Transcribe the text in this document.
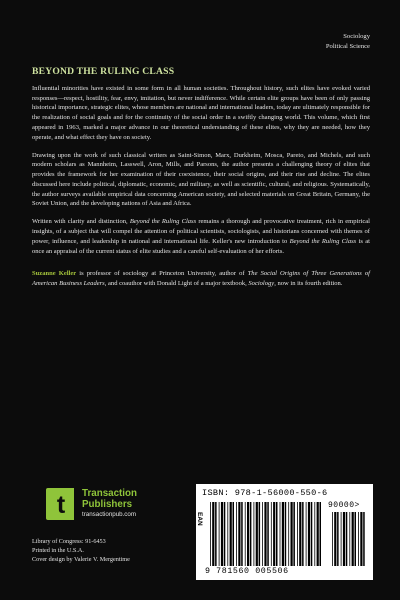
Sociology
Political Science
BEYOND THE RULING CLASS

Influential minorities have existed in some form in all human societies. Throughout history, such elites have evoked varied responses—respect, hostility, fear, envy, imitation, but never indifference. While certain elite groups have been of only passing historical importance, strategic elites, whose members are national and international leaders, today are ultimately responsible for the realization of social goals and for the continuity of the social order in a swiftly changing world. This volume, which first appeared in 1963, marked a major advance in our theoretical understanding of these elites, why they are needed, how they operate, and what effect they have on society.

Drawing upon the work of such classical writers as Saint-Simon, Marx, Durkheim, Mosca, Pareto, and Michels, and such modern scholars as Mannheim, Lasswell, Aron, Mills, and Parsons, the author presents a challenging theory of elites that provides the framework for her examination of their coexistence, their social origins, and their rise and decline. The elites discussed here include political, diplomatic, economic, and military, as well as scientific, cultural, and religious. Systematically, the author surveys available empirical data concerning American society, and selected materials on Great Britain, Germany, the Soviet Union, and the developing nations of Asia and Africa.

Written with clarity and distinction, Beyond the Ruling Class remains a thorough and provocative treatment, rich in empirical insights, of a subject that will compel the attention of political scientists, sociologists, and historians concerned with themes of power, influence, and leadership in national and international life. Keller's new introduction to Beyond the Ruling Class is at once an appraisal of the current status of elite studies and a careful self-evaluation of her efforts.

Suzanne Keller is professor of sociology at Princeton University, author of The Social Origins of Three Generations of American Business Leaders, and coauthor with Donald Light of a major textbook, Sociology, now in its fourth edition.

t Transaction
Publishers
transactionpub.com
Library of Congress: 91-6453
Printed in the U.S.A.
Cover design by Valerie V. Mergentime
ISBN: 978-1-56000-550-6
EAN
90000>
9 781560 005506
